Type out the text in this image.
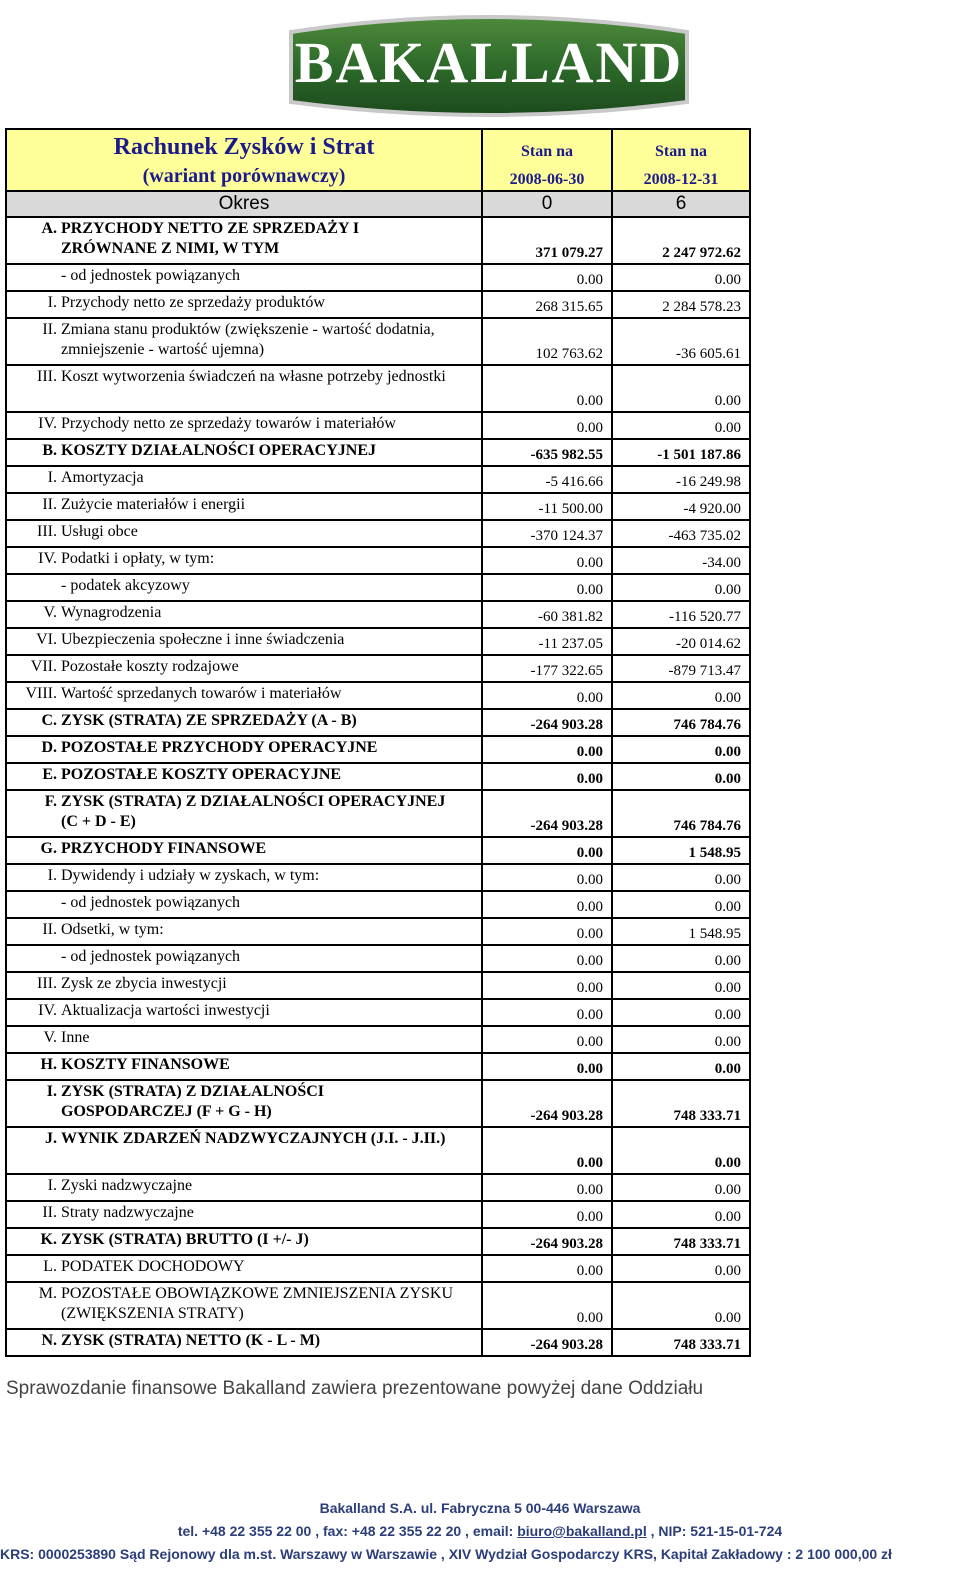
BAKALLAND
Rachunek Zysków i Strat	Stan na	Stan na

(wariant porównawczy)	2008-06-30	2008-12-31
Okres	0	6
A. PRZYCHODY NETTO ZE SPRZEDAŻY I
ZRÓWNANE Z NIMI, W TYM	371 079.27	2 247 972.62
- od jednostek powiązanych	0.00	0.00
I. Przychody netto ze sprzedaży produktów	268 315.65	2 284 578.23
II. Zmiana stanu produktów (zwiększenie - wartość dodatnia,
zmniejszenie - wartość ujemna)	102 763.62	-36 605.61
III. Koszt wytworzenia świadczeń na własne potrzeby jednostki	0.00	0.00
IV. Przychody netto ze sprzedaży towarów i materiałów	0.00	0.00
B. KOSZTY DZIAŁALNOŚCI OPERACYJNEJ	-635 982.55	-1 501 187.86
I. Amortyzacja	-5 416.66	-16 249.98
II. Zużycie materiałów i energii	-11 500.00	-4 920.00
III. Usługi obce	-370 124.37	-463 735.02
IV. Podatki i opłaty, w tym:	0.00	-34.00
- podatek akcyzowy	0.00	0.00
V. Wynagrodzenia	-60 381.82	-116 520.77
VI. Ubezpieczenia społeczne i inne świadczenia	-11 237.05	-20 014.62
VII. Pozostałe koszty rodzajowe	-177 322.65	-879 713.47
VIII. Wartość sprzedanych towarów i materiałów	0.00	0.00
C. ZYSK (STRATA) ZE SPRZEDAŻY (A - B)	-264 903.28	746 784.76
D. POZOSTAŁE PRZYCHODY OPERACYJNE	0.00	0.00
E. POZOSTAŁE KOSZTY OPERACYJNE	0.00	0.00
F. ZYSK (STRATA) Z DZIAŁALNOŚCI OPERACYJNEJ
(C + D - E)	-264 903.28	746 784.76
G. PRZYCHODY FINANSOWE	0.00	1 548.95
I. Dywidendy i udziały w zyskach, w tym:	0.00	0.00
- od jednostek powiązanych	0.00	0.00
II. Odsetki, w tym:	0.00	1 548.95
- od jednostek powiązanych	0.00	0.00
III. Zysk ze zbycia inwestycji	0.00	0.00
IV. Aktualizacja wartości inwestycji	0.00	0.00
V. Inne	0.00	0.00
H. KOSZTY FINANSOWE	0.00	0.00
I. ZYSK (STRATA) Z DZIAŁALNOŚCI
GOSPODARCZEJ (F + G - H)	-264 903.28	748 333.71
J. WYNIK ZDARZEŃ NADZWYCZAJNYCH (J.I. - J.II.)	0.00	0.00
I. Zyski nadzwyczajne	0.00	0.00
II. Straty nadzwyczajne	0.00	0.00
K. ZYSK (STRATA) BRUTTO (I +/- J)	-264 903.28	748 333.71
L. PODATEK DOCHODOWY	0.00	0.00
M. POZOSTAŁE OBOWIĄZKOWE ZMNIEJSZENIA ZYSKU
(ZWIĘKSZENIA STRATY)	0.00	0.00
N. ZYSK (STRATA) NETTO (K - L - M)	-264 903.28	748 333.71
Sprawozdanie finansowe Bakalland zawiera prezentowane powyżej dane Oddziału
Bakalland S.A. ul. Fabryczna 5 00-446 Warszawa
tel. +48 22 355 22 00 , fax: +48 22 355 22 20 , email: biuro@bakalland.pl , NIP: 521-15-01-724
KRS: 0000253890 Sąd Rejonowy dla m.st. Warszawy w Warszawie , XIV Wydział Gospodarczy KRS, Kapitał Zakładowy : 2 100 000,00 zł
